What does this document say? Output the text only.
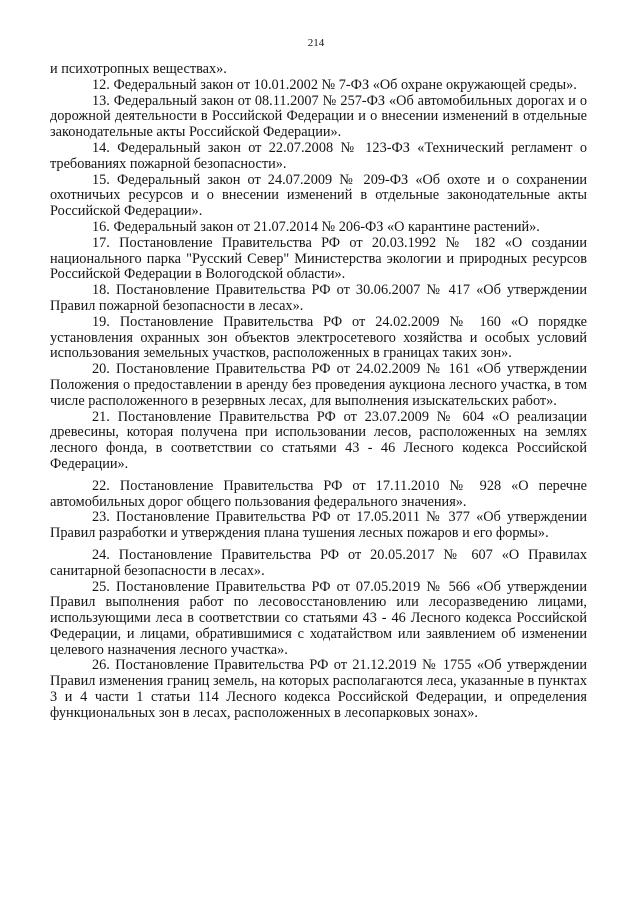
214

и психотропных веществах».

12. Федеральный закон от 10.01.2002 № 7-ФЗ «Об охране окружающей среды».

13. Федеральный закон от 08.11.2007 № 257-ФЗ «Об автомобильных дорогах и о дорожной деятельности в Российской Федерации и о внесении изменений в отдельные законодательные акты Российской Федерации».

14. Федеральный закон от 22.07.2008 № 123-ФЗ «Технический регламент о требованиях пожарной безопасности».

15. Федеральный закон от 24.07.2009 № 209-ФЗ «Об охоте и о сохранении охотничьих ресурсов и о внесении изменений в отдельные законодательные акты Российской Федерации».

16. Федеральный закон от 21.07.2014 № 206-ФЗ «О карантине растений».

17. Постановление Правительства РФ от 20.03.1992 № 182 «О создании национального парка "Русский Север" Министерства экологии и природных ресурсов Российской Федерации в Вологодской области».

18. Постановление Правительства РФ от 30.06.2007 № 417 «Об утверждении Правил пожарной безопасности в лесах».

19. Постановление Правительства РФ от 24.02.2009 № 160 «О порядке установления охранных зон объектов электросетевого хозяйства и особых условий использования земельных участков, расположенных в границах таких зон».

20. Постановление Правительства РФ от 24.02.2009 № 161 «Об утверждении Положения о предоставлении в аренду без проведения аукциона лесного участка, в том числе расположенного в резервных лесах, для выполнения изыскательских работ».

21. Постановление Правительства РФ от 23.07.2009 № 604 «О реализации древесины, которая получена при использовании лесов, расположенных на землях лесного фонда, в соответствии со статьями 43 - 46 Лесного кодекса Российской Федерации».

22. Постановление Правительства РФ от 17.11.2010 № 928 «О перечне автомобильных дорог общего пользования федерального значения».

23. Постановление Правительства РФ от 17.05.2011 № 377 «Об утверждении Правил разработки и утверждения плана тушения лесных пожаров и его формы».

24. Постановление Правительства РФ от 20.05.2017 № 607 «О Правилах санитарной безопасности в лесах».

25. Постановление Правительства РФ от 07.05.2019 № 566 «Об утверждении Правил выполнения работ по лесовосстановлению или лесоразведению лицами, использующими леса в соответствии со статьями 43 - 46 Лесного кодекса Российской Федерации, и лицами, обратившимися с ходатайством или заявлением об изменении целевого назначения лесного участка».

26. Постановление Правительства РФ от 21.12.2019 № 1755 «Об утверждении Правил изменения границ земель, на которых располагаются леса, указанные в пунктах 3 и 4 части 1 статьи 114 Лесного кодекса Российской Федерации, и определения функциональных зон в лесах, расположенных в лесопарковых зонах».
